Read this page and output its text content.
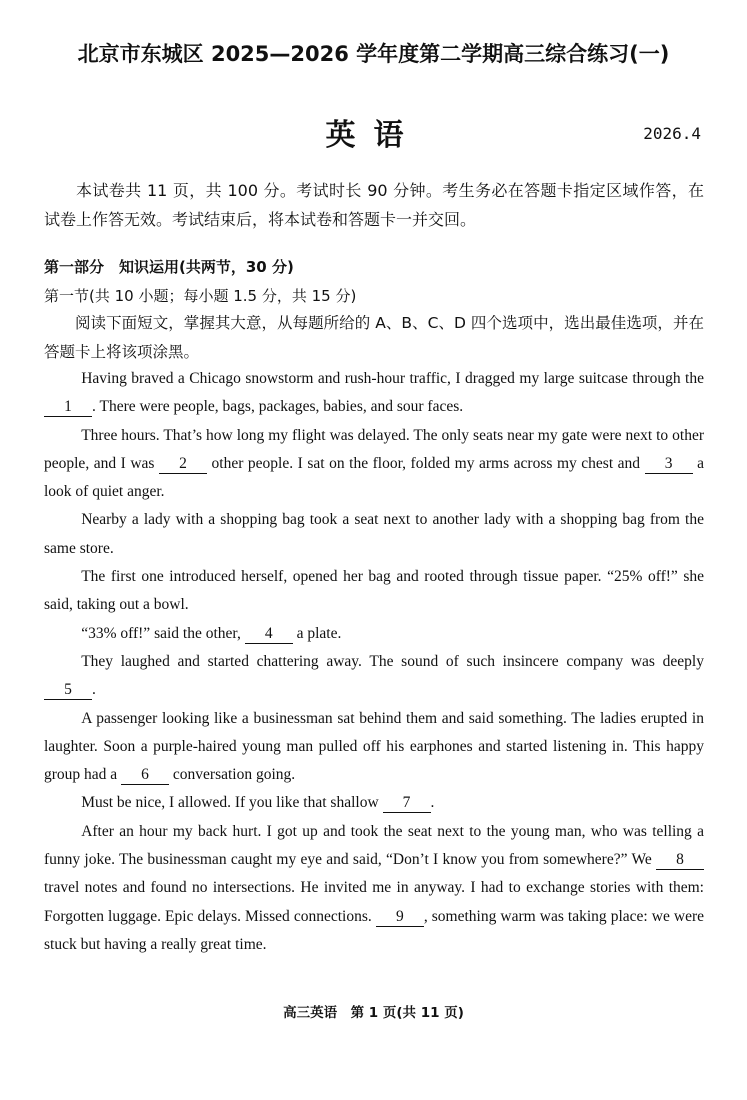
北京市东城区 2025—2026 学年度第二学期高三综合练习(一)
英语	2026.4
本试卷共 11 页，共 100 分。考试时长 90 分钟。考生务必在答题卡指定区域作答，在试卷上作答无效。考试结束后，将本试卷和答题卡一并交回。
第一部分　知识运用(共两节，30 分)
第一节(共 10 小题；每小题 1.5 分，共 15 分)
阅读下面短文，掌握其大意，从每题所给的 A、B、C、D 四个选项中，选出最佳选项，并在答题卡上将该项涂黑。

Having braved a Chicago snowstorm and rush-hour traffic, I dragged my large suitcase through the 1 . There were people, bags, packages, babies, and sour faces.

Three hours. That’s how long my flight was delayed. The only seats near my gate were next to other people, and I was 2 other people. I sat on the floor, folded my arms across my chest and 3 a look of quiet anger.

Nearby a lady with a shopping bag took a seat next to another lady with a shopping bag from the same store.

The first one introduced herself, opened her bag and rooted through tissue paper. “25% off!” she said, taking out a bowl.

“33% off!” said the other, 4 a plate.

They laughed and started chattering away. The sound of such insincere company was deeply 5 .

A passenger looking like a businessman sat behind them and said something. The ladies erupted in laughter. Soon a purple-haired young man pulled off his earphones and started listening in. This happy group had a 6 conversation going.

Must be nice, I allowed. If you like that shallow 7 .

After an hour my back hurt. I got up and took the seat next to the young man, who was telling a funny joke. The businessman caught my eye and said, “Don’t I know you from somewhere?” We 8 travel notes and found no intersections. He invited me in anyway. I had to exchange stories with them: Forgotten luggage. Epic delays. Missed connections. 9 , something warm was taking place: we were stuck but having a really great time.

高三英语　第 1 页(共 11 页)
